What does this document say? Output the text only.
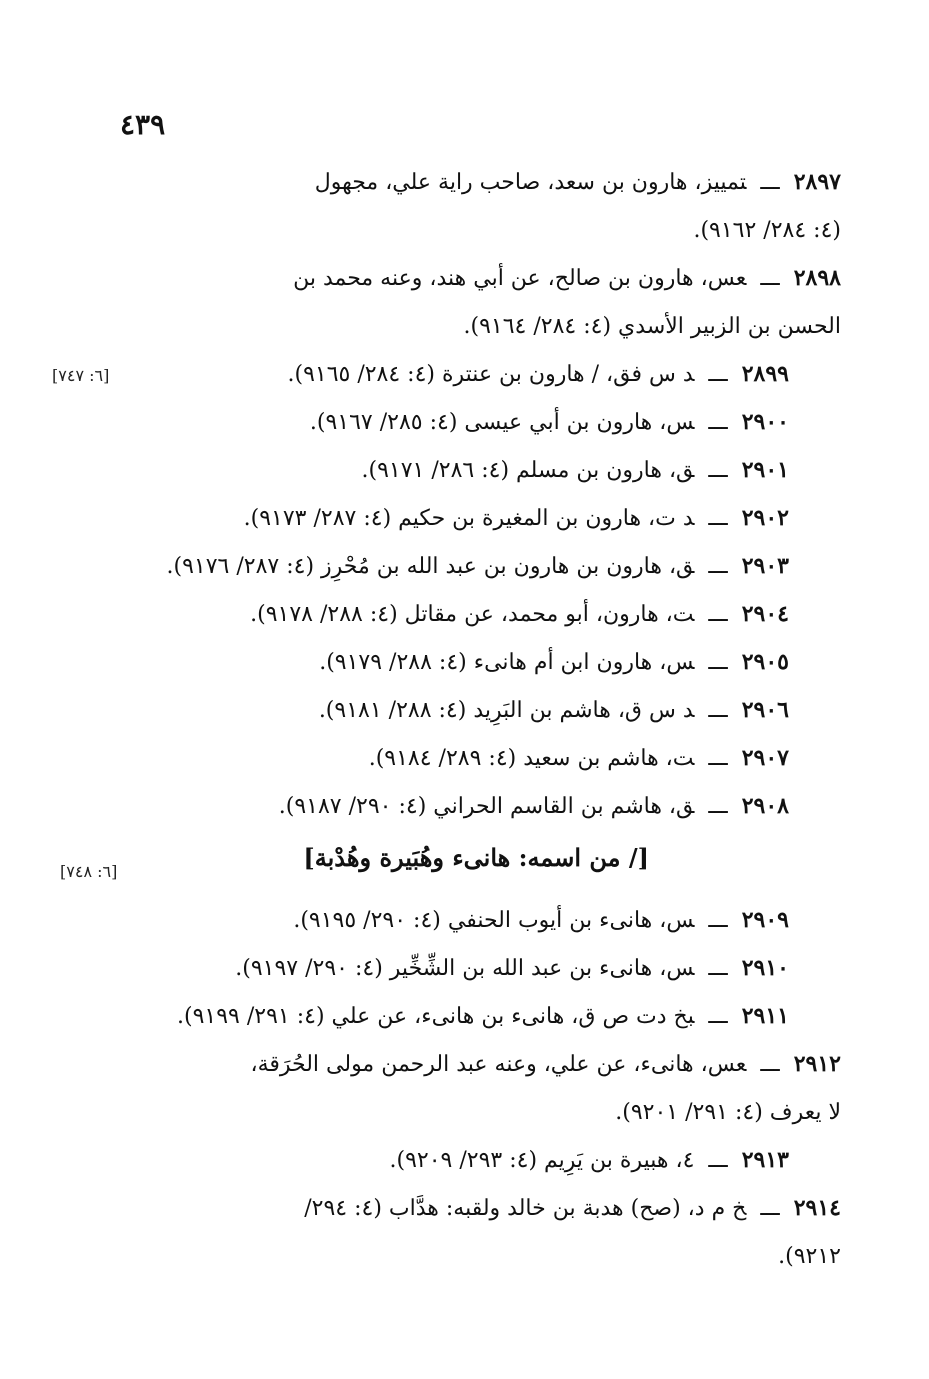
٤٣٩
٢٨٩٧ـــتمييز، هارون بن سعد، صاحب راية علي، مجهول
(٤: ٢٨٤/ ٩١٦٢).
٢٨٩٨ـــعس، هارون بن صالح، عن أبي هند، وعنه محمد بن
الحسن بن الزبير الأسدي (٤: ٢٨٤/ ٩١٦٤).
٢٨٩٩ـــد س فق، / هارون بن عنترة (٤: ٢٨٤/ ٩١٦٥).
[٦: ٧٤٧]
٢٩٠٠ـــس، هارون بن أبي عيسى (٤: ٢٨٥/ ٩١٦٧).
٢٩٠١ـــق، هارون بن مسلم (٤: ٢٨٦/ ٩١٧١).
٢٩٠٢ـــد ت، هارون بن المغيرة بن حكيم (٤: ٢٨٧/ ٩١٧٣).
٢٩٠٣ـــق، هارون بن هارون بن عبد الله بن مُحْرِز (٤: ٢٨٧/ ٩١٧٦).
٢٩٠٤ـــت، هارون، أبو محمد، عن مقاتل (٤: ٢٨٨/ ٩١٧٨).
٢٩٠٥ـــس، هارون ابن أم هانىء (٤: ٢٨٨/ ٩١٧٩).
٢٩٠٦ـــد س ق، هاشم بن البَرِيد (٤: ٢٨٨/ ٩١٨١).
٢٩٠٧ـــت، هاشم بن سعيد (٤: ٢٨٩/ ٩١٨٤).
٢٩٠٨ـــق، هاشم بن القاسم الحراني (٤: ٢٩٠/ ٩١٨٧).
[/ من اسمه: هانىء وهُبَيرة وهُدْبة]
[٦: ٧٤٨]
٢٩٠٩ـــس، هانىء بن أيوب الحنفي (٤: ٢٩٠/ ٩١٩٥).
٢٩١٠ـــس، هانىء بن عبد الله بن الشِّخِّير (٤: ٢٩٠/ ٩١٩٧).
٢٩١١ـــبخ دت ص ق، هانىء بن هانىء، عن علي (٤: ٢٩١/ ٩١٩٩).
٢٩١٢ـــعس، هانىء، عن علي، وعنه عبد الرحمن مولى الحُرَقة،
لا يعرف (٤: ٢٩١/ ٩٢٠١).
٢٩١٣ـــ٤، هبيرة بن يَرِيم (٤: ٢٩٣/ ٩٢٠٩).
٢٩١٤ـــخ م د، (صح) هدبة بن خالد ولقبه: هدَّاب (٤: ٢٩٤/
٩٢١٢).
